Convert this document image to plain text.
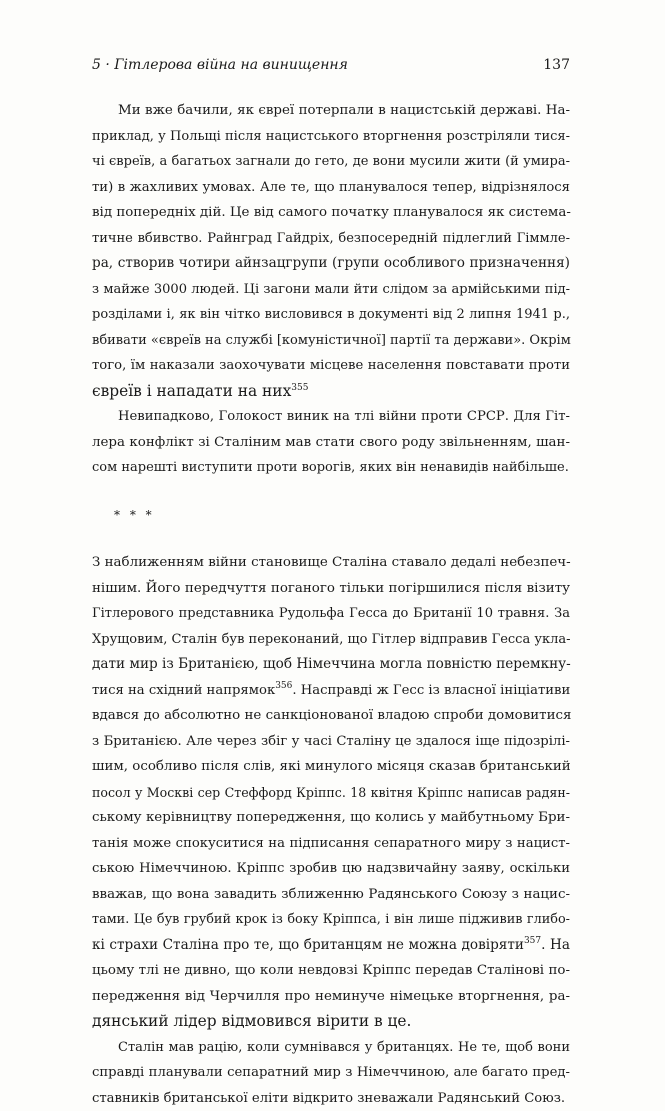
5 · Гітлерова війна на винищення	137
Ми вже бачили, як євреї потерпали в нацистській державі. На-
приклад, у Польщі після нацистського вторгнення розстріляли тися-
чі євреїв, а багатьох загнали до гето, де вони мусили жити (й умира-
ти) в жахливих умовах. Але те, що планувалося тепер, відрізнялося
від попередніх дій. Це від самого початку планувалося як система-
тичне вбивство. Райнград Гайдріх, безпосередній підлеглий Гіммле-
ра, створив чотири айнзацгрупи (групи особливого призначення)
з майже 3000 людей. Ці загони мали йти слідом за армійськими під-
розділами і, як він чітко висловився в документі від 2 липня 1941 р.,
вбивати «євреїв на службі [комуністичної] партії та держави». Окрім
того, їм наказали заохочувати місцеве населення повставати проти
євреїв і нападати на них$^{355}$
Невипадково, Голокост виник на тлі війни проти СРСР. Для Гіт-
лера конфлікт зі Сталіним мав стати свого роду звільненням, шан-
сом нарешті виступити проти ворогів, яких він ненавидів найбільше.
* * *
З наближенням війни становище Сталіна ставало дедалі небезпеч-
нішим. Його передчуття поганого тільки погіршилися після візиту
Гітлерового представника Рудольфа Гесса до Британії 10 травня. За
Хрущовим, Сталін був переконаний, що Гітлер відправив Гесса укла-
дати мир із Британією, щоб Німеччина могла повністю перемкну-
тися на східний напрямок$^{356}$. Насправді ж Гесс із власної ініціативи
вдався до абсолютно не санкціонованої владою спроби домовитися
з Британією. Але через збіг у часі Сталіну це здалося іще підозрілі-
шим, особливо після слів, які минулого місяця сказав британський
посол у Москві сер Стеффорд Кріппс. 18 квітня Кріппс написав радян-
ському керівництву попередження, що колись у майбутньому Бри-
танія може спокуситися на підписання сепаратного миру з нацист-
ською Німеччиною. Кріппс зробив цю надзвичайну заяву, оскільки
вважав, що вона завадить зближенню Радянського Союзу з нацис-
тами. Це був грубий крок із боку Кріппса, і він лише підживив глибо-
кі страхи Сталіна про те, що британцям не можна довіряти$^{357}$. На
цьому тлі не дивно, що коли невдовзі Кріппс передав Сталінові по-
передження від Черчилля про неминуче німецьке вторгнення, ра-
дянський лідер відмовився вірити в це.
Сталін мав рацію, коли сумнівався у британцях. Не те, щоб вони
справді планували сепаратний мир з Німеччиною, але багато пред-
ставників британської еліти відкрито зневажали Радянський Союз.
